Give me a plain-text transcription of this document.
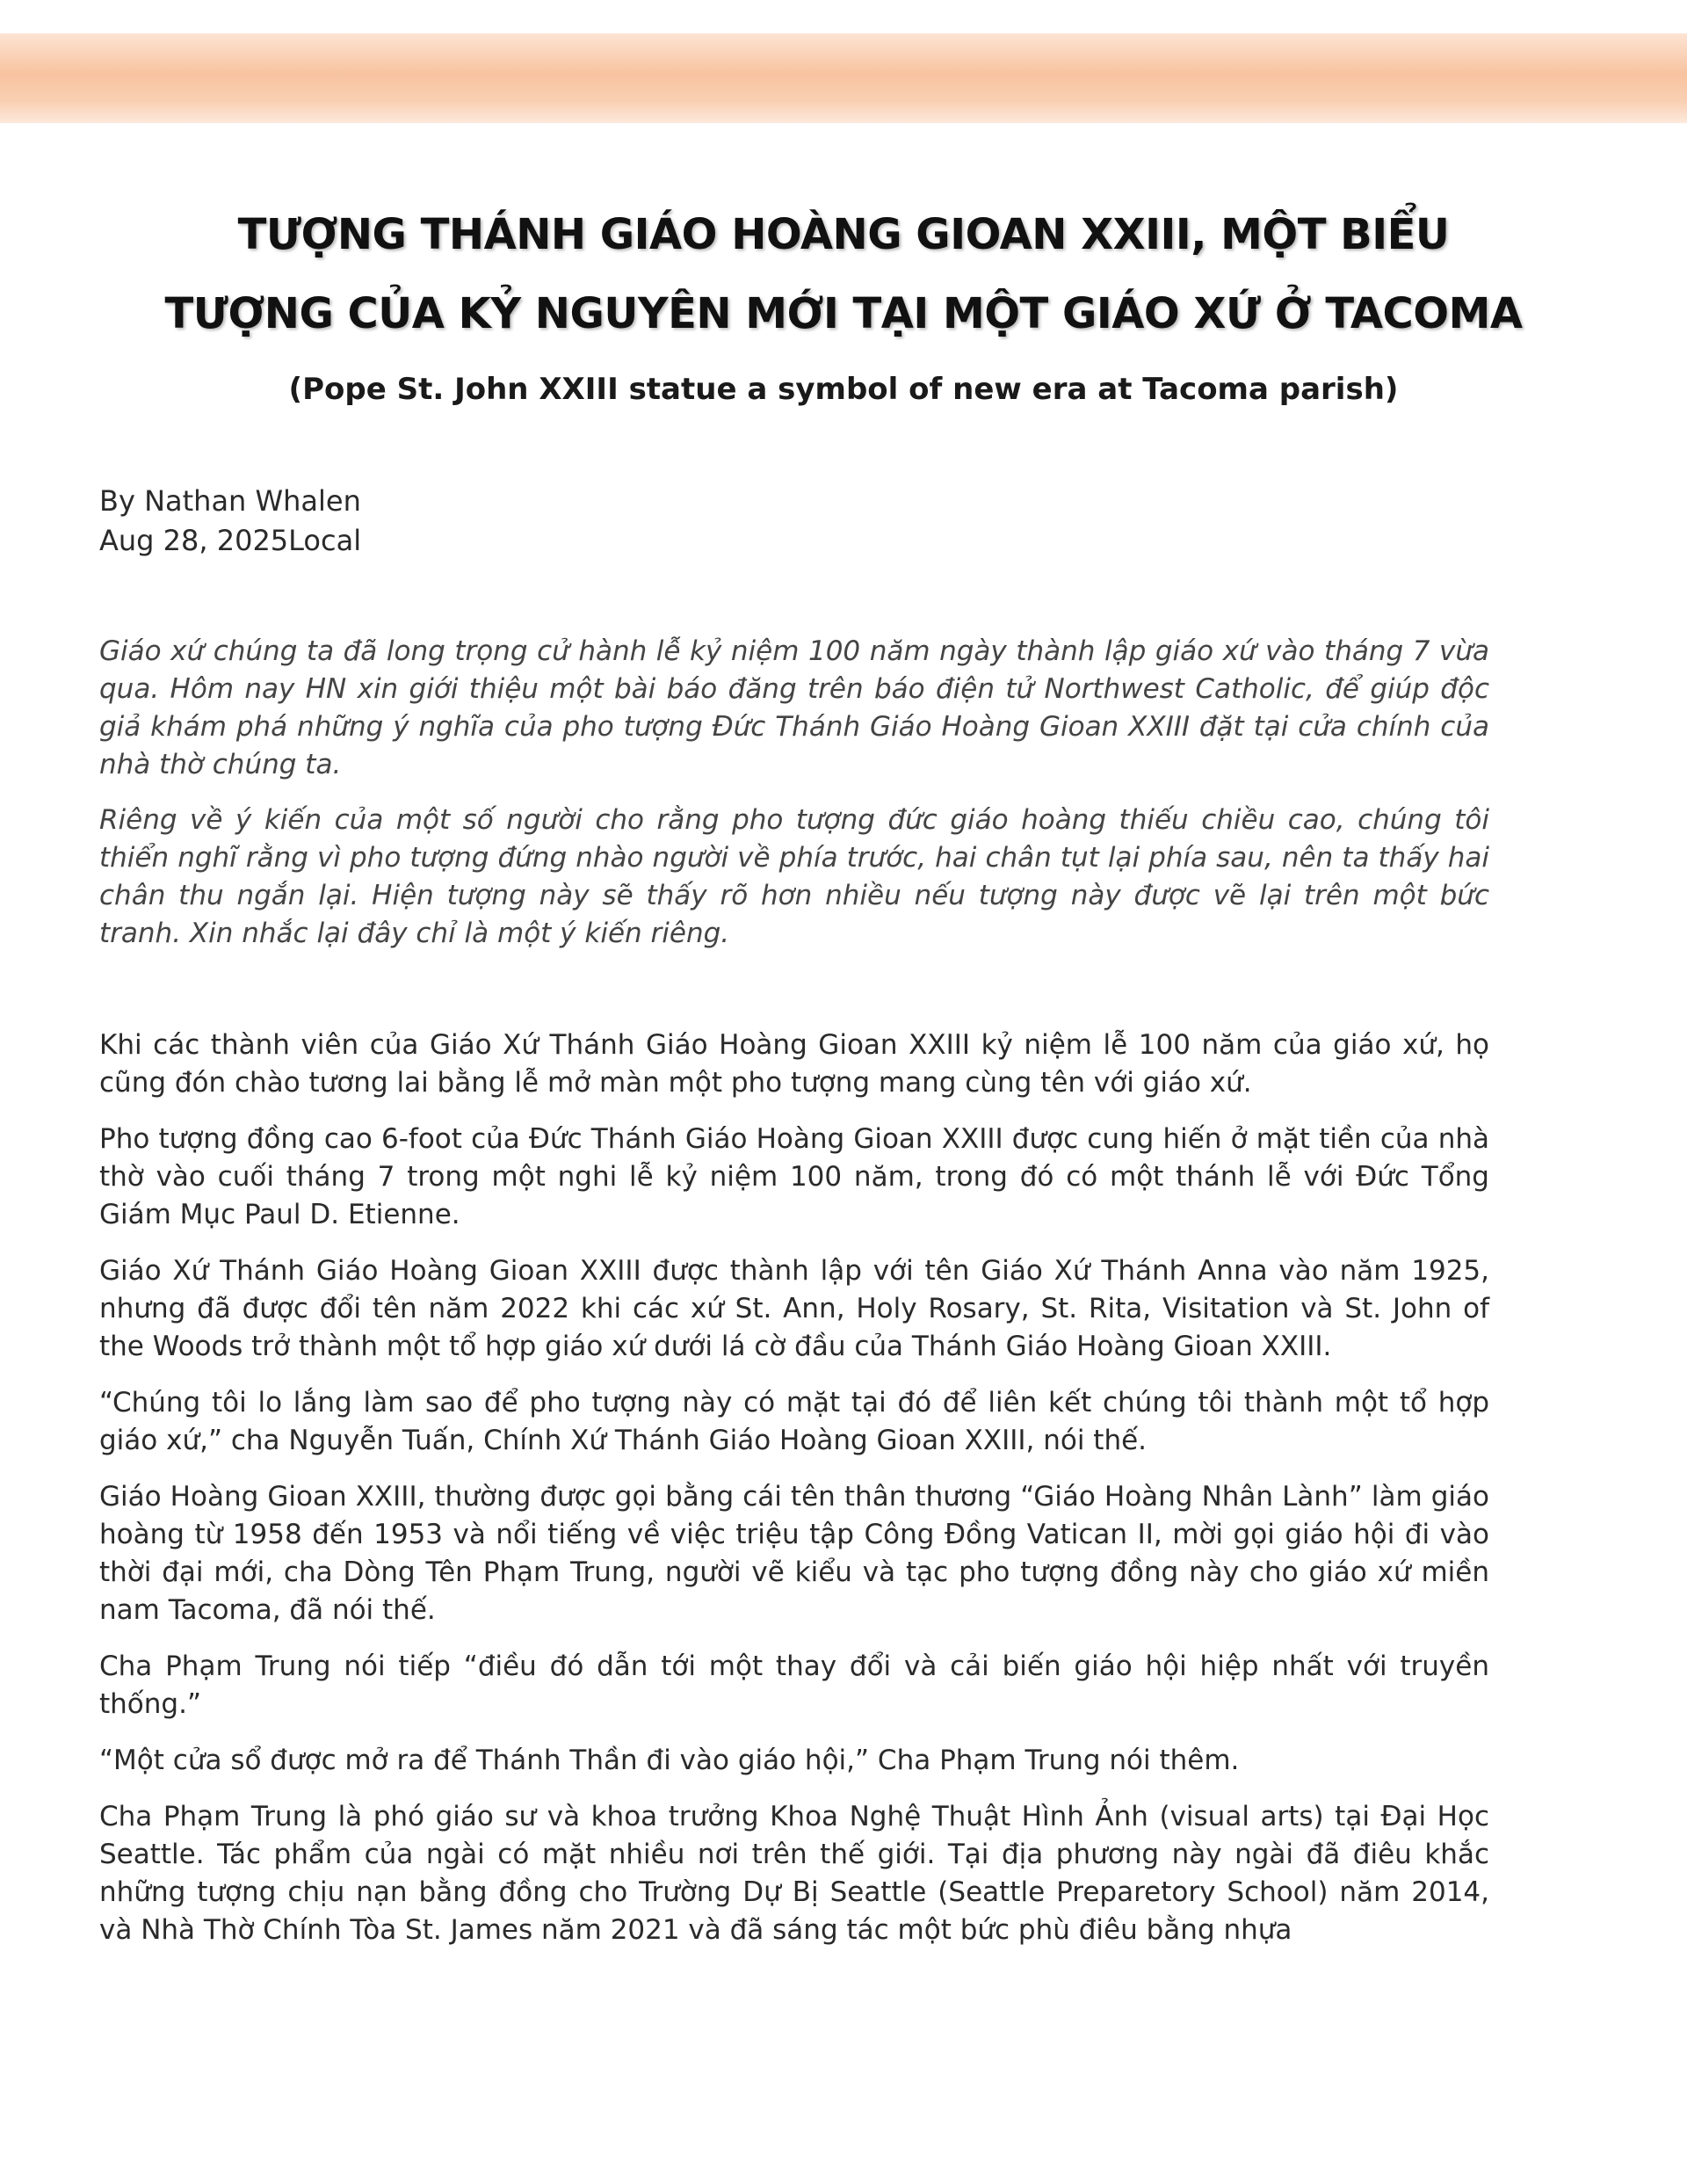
TƯỢNG THÁNH GIÁO HOÀNG GIOAN XXIII, MỘT BIỂU
TƯỢNG CỦA KỶ NGUYÊN MỚI TẠI MỘT GIÁO XỨ Ở TACOMA
(Pope St. John XXIII statue a symbol of new era at Tacoma parish)
By Nathan Whalen
Aug 28, 2025Local

Giáo xứ chúng ta đã long trọng cử hành lễ kỷ niệm 100 năm ngày thành lập giáo xứ vào tháng 7 vừa qua. Hôm nay HN xin giới thiệu một bài báo đăng trên báo điện tử Northwest Catholic, để giúp độc giả khám phá những ý nghĩa của pho tượng Đức Thánh Giáo Hoàng Gioan XXIII đặt tại cửa chính của nhà thờ chúng ta.

Riêng về ý kiến của một số người cho rằng pho tượng đức giáo hoàng thiếu chiều cao, chúng tôi thiển nghĩ rằng vì pho tượng đứng nhào người về phía trước, hai chân tụt lại phía sau, nên ta thấy hai chân thu ngắn lại. Hiện tượng này sẽ thấy rõ hơn nhiều nếu tượng này được vẽ lại trên một bức tranh. Xin nhắc lại đây chỉ là một ý kiến riêng.

Khi các thành viên của Giáo Xứ Thánh Giáo Hoàng Gioan XXIII kỷ niệm lễ 100 năm của giáo xứ, họ cũng đón chào tương lai bằng lễ mở màn một pho tượng mang cùng tên với giáo xứ.

Pho tượng đồng cao 6-foot của Đức Thánh Giáo Hoàng Gioan XXIII được cung hiến ở mặt tiền của nhà thờ vào cuối tháng 7 trong một nghi lễ kỷ niệm 100 năm, trong đó có một thánh lễ với Đức Tổng Giám Mục Paul D. Etienne.

Giáo Xứ Thánh Giáo Hoàng Gioan XXIII được thành lập với tên Giáo Xứ Thánh Anna vào năm 1925, nhưng đã được đổi tên năm 2022 khi các xứ St. Ann, Holy Rosary, St. Rita, Visitation và St. John of the Woods trở thành một tổ hợp giáo xứ dưới lá cờ đầu của Thánh Giáo Hoàng Gioan XXIII.

“Chúng tôi lo lắng làm sao để pho tượng này có mặt tại đó để liên kết chúng tôi thành một tổ hợp giáo xứ,” cha Nguyễn Tuấn, Chính Xứ Thánh Giáo Hoàng Gioan XXIII, nói thế.

Giáo Hoàng Gioan XXIII, thường được gọi bằng cái tên thân thương “Giáo Hoàng Nhân Lành” làm giáo hoàng từ 1958 đến 1953 và nổi tiếng về việc triệu tập Công Đồng Vatican II, mời gọi giáo hội đi vào thời đại mới, cha Dòng Tên Phạm Trung, người vẽ kiểu và tạc pho tượng đồng này cho giáo xứ miền nam Tacoma, đã nói thế.

Cha Phạm Trung nói tiếp “điều đó dẫn tới một thay đổi và cải biến giáo hội hiệp nhất với truyền thống.”

“Một cửa sổ được mở ra để Thánh Thần đi vào giáo hội,” Cha Phạm Trung nói thêm.

Cha Phạm Trung là phó giáo sư và khoa trưởng Khoa Nghệ Thuật Hình Ảnh (visual arts) tại Đại Học Seattle. Tác phẩm của ngài có mặt nhiều nơi trên thế giới. Tại địa phương này ngài đã điêu khắc những tượng chịu nạn bằng đồng cho Trường Dự Bị Seattle (Seattle Preparetory School) năm 2014, và Nhà Thờ Chính Tòa St. James năm 2021 và đã sáng tác một bức phù điêu bằng nhựa
